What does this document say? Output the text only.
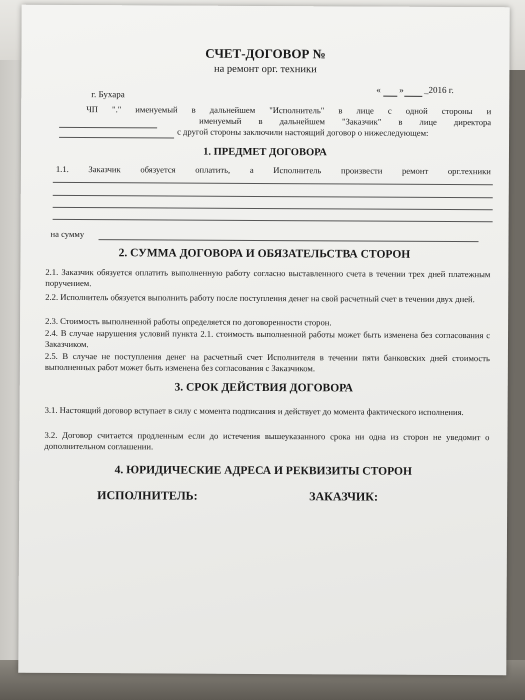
СЧЕТ-ДОГОВОР №
на ремонт орг. техники
г. Бухара	« » _2016 г.
ЧП "." именуемый в дальнейшем "Исполнитель" в лице с одной стороны и
именуемый в дальнейшем "Заказчик" в лице директора
с другой стороны заключили настоящий договор о нижеследующем:
1. ПРЕДМЕТ ДОГОВОРА
1.1. Заказчик обязуется оплатить, а Исполнитель произвести ремонт орг.техники
на сумму
2. СУММА ДОГОВОРА И ОБЯЗАТЕЛЬСТВА СТОРОН
2.1. Заказчик обязуется оплатить выполненную работу согласно выставленного счета в течении трех дней платежным поручением.
2.2. Исполнитель обязуется выполнить работу после поступления денег на свой расчетный счет в течении двух дней.
2.3. Стоимость выполненной работы определяется по договоренности сторон.
2.4. В случае нарушения условий пункта 2.1. стоимость выполненной работы может быть изменена без согласования с Заказчиком.
2.5. В случае не поступления денег на расчетный счет Исполнителя в течении пяти банковских дней стоимость выполненных работ может быть изменена без согласования с Заказчиком.
3. СРОК ДЕЙСТВИЯ ДОГОВОРА
3.1. Настоящий договор вступает в силу с момента подписания и действует до момента фактического исполнения.
3.2. Договор считается продленным если до истечения вышеуказанного срока ни одна из сторон не уведомит о дополнительном соглашении.
4. ЮРИДИЧЕСКИЕ АДРЕСА И РЕКВИЗИТЫ СТОРОН
ИСПОЛНИТЕЛЬ:	ЗАКАЗЧИК:
